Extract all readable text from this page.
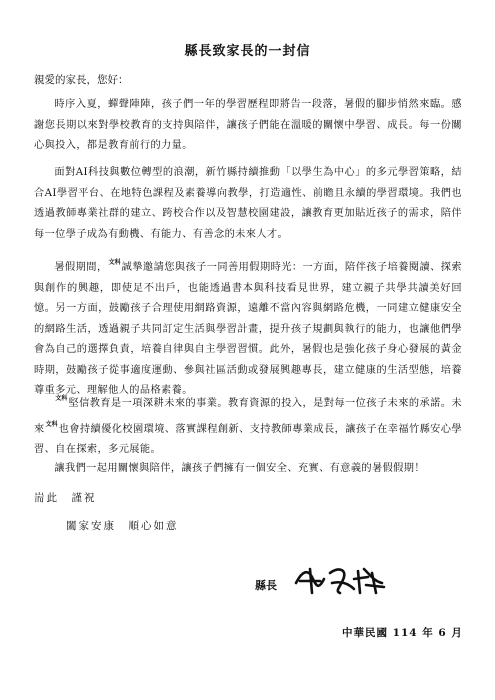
縣長致家長的一封信
親愛的家長，您好：
時序入夏，蟬聲陣陣，孩子們一年的學習歷程即將告一段落，暑假的腳步悄然來臨。感謝您長期以來對學校教育的支持與陪伴，讓孩子們能在溫暖的關懷中學習、成長。每一份關心與投入，都是教育前行的力量。
面對AI科技與數位轉型的浪潮，新竹縣持續推動「以學生為中心」的多元學習策略，結合AI學習平台、在地特色課程及素養導向教學，打造適性、前瞻且永續的學習環境。我們也透過教師專業社群的建立、跨校合作以及智慧校園建設，讓教育更加貼近孩子的需求，陪伴每一位學子成為有動機、有能力、有善念的未來人才。
暑假期間，文科誠摯邀請您與孩子一同善用假期時光：一方面，陪伴孩子培養閱讀、探索與創作的興趣，即使足不出戶，也能透過書本與科技看見世界，建立親子共學共讀美好回憶。另一方面，鼓勵孩子合理使用網路資源，遠離不當內容與網路危機，一同建立健康安全的網路生活，透過親子共同訂定生活與學習計畫，提升孩子規劃與執行的能力，也讓他們學會為自己的選擇負責，培養自律與自主學習習慣。此外，暑假也是強化孩子身心發展的黃金時期，鼓勵孩子從事適度運動、參與社區活動或發展興趣專長，建立健康的生活型態，培養尊重多元、理解他人的品格素養。
文科堅信教育是一項深耕未來的事業。教育資源的投入，是對每一位孩子未來的承諾。未來文科也會持續優化校園環境、落實課程創新、支持教師專業成長，讓孩子在幸福竹縣安心學習、自在探索，多元展能。
讓我們一起用關懷與陪伴，讓孩子們擁有一個安全、充實、有意義的暑假假期！
耑此　謹祝
闔家安康　順心如意
縣長
中華民國 114 年 6 月
